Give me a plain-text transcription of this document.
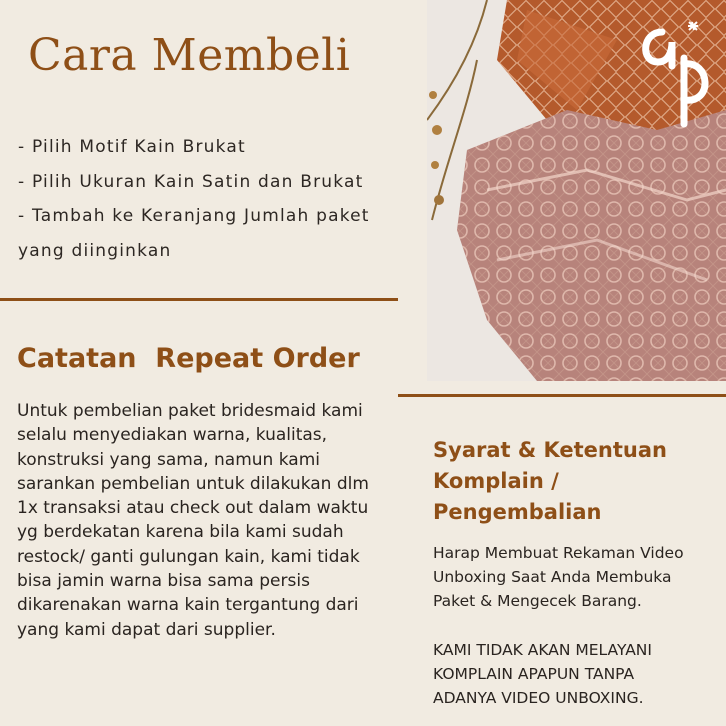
Cara Membeli
- Pilih Motif Kain Brukat
- Pilih Ukuran Kain Satin dan Brukat
- Tambah ke Keranjang Jumlah paket
yang diinginkan
Catatan  Repeat Order
Untuk pembelian paket bridesmaid kami
selalu menyediakan warna, kualitas,
konstruksi yang sama, namun kami
sarankan pembelian untuk dilakukan dlm
1x transaksi atau check out dalam waktu
yg berdekatan karena bila kami sudah
restock/ ganti gulungan kain, kami tidak
bisa jamin warna bisa sama persis
dikarenakan warna kain tergantung dari
yang kami dapat dari supplier.
Syarat & Ketentuan
Komplain /
Pengembalian
Harap Membuat Rekaman Video
Unboxing Saat Anda Membuka
Paket & Mengecek Barang.
KAMI TIDAK AKAN MELAYANI
KOMPLAIN APAPUN TANPA
ADANYA VIDEO UNBOXING.
